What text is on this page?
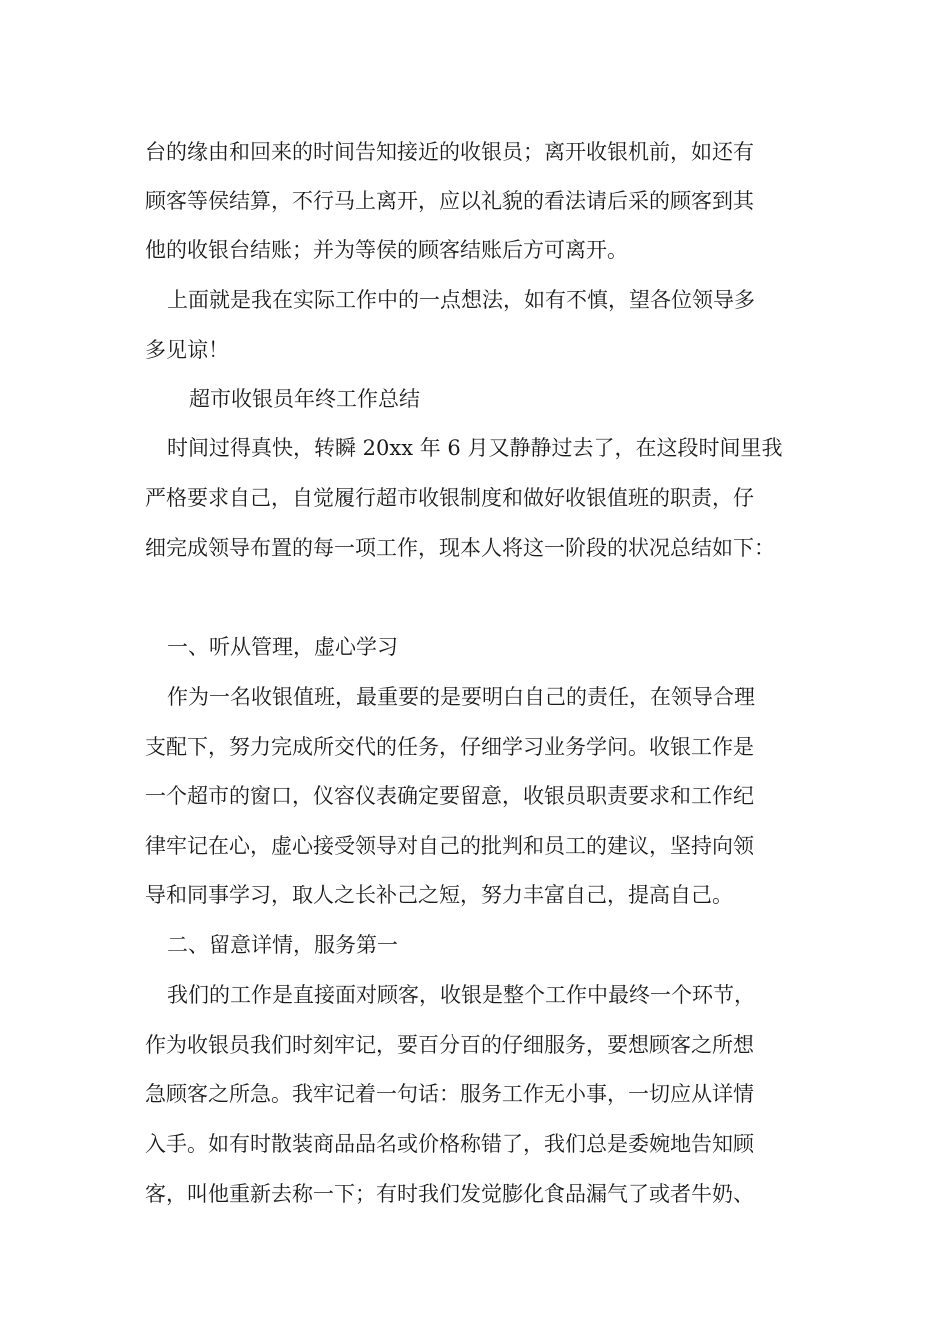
台的缘由和回来的时间告知接近的收银员；离开收银机前，如还有
顾客等侯结算，不行马上离开，应以礼貌的看法请后采的顾客到其
他的收银台结账；并为等侯的顾客结账后方可离开。
上面就是我在实际工作中的一点想法，如有不慎，望各位领导多
多见谅！
超市收银员年终工作总结
时间过得真快，转瞬 20xx 年 6 月又静静过去了，在这段时间里我
严格要求自己，自觉履行超市收银制度和做好收银值班的职责，仔
细完成领导布置的每一项工作，现本人将这一阶段的状况总结如下：
一、听从管理，虚心学习
作为一名收银值班，最重要的是要明白自己的责任，在领导合理
支配下，努力完成所交代的任务，仔细学习业务学问。收银工作是
一个超市的窗口，仪容仪表确定要留意，收银员职责要求和工作纪
律牢记在心，虚心接受领导对自己的批判和员工的建议，坚持向领
导和同事学习，取人之长补己之短，努力丰富自己，提高自己。
二、留意详情，服务第一
我们的工作是直接面对顾客，收银是整个工作中最终一个环节，
作为收银员我们时刻牢记，要百分百的仔细服务，要想顾客之所想
急顾客之所急。我牢记着一句话：服务工作无小事，一切应从详情
入手。如有时散装商品品名或价格称错了，我们总是委婉地告知顾
客，叫他重新去称一下；有时我们发觉膨化食品漏气了或者牛奶、
